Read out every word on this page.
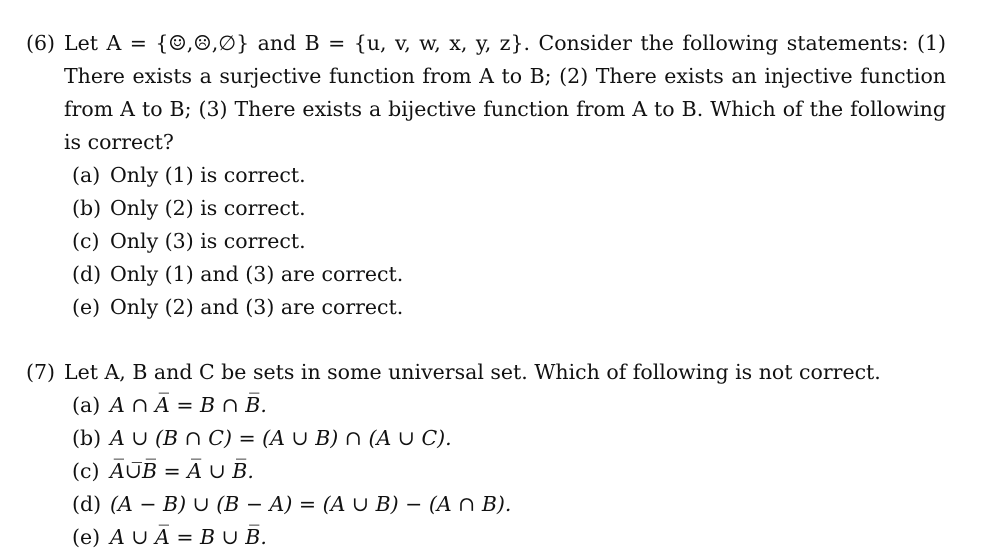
(6) Let A = {☺,☹,∅} and B = {u, v, w, x, y, z}. Consider the following statements: (1) There exists a surjective function from A to B; (2) There exists an injective function from A to B; (3) There exists a bijective function from A to B. Which of the following is correct?
(a) Only (1) is correct.
(b) Only (2) is correct.
(c) Only (3) is correct.
(d) Only (1) and (3) are correct.
(e) Only (2) and (3) are correct.
(7) Let A, B and C be sets in some universal set. Which of following is not correct.
(a) A ∩ A̅ = B ∩ B̅.
(b) A ∪ (B ∩ C) = (A ∪ B) ∩ (A ∪ C).
(c) A̅∪̅B̅ = A̅ ∪ B̅.
(d) (A − B) ∪ (B − A) = (A ∪ B) − (A ∩ B).
(e) A ∪ A̅ = B ∪ B̅.
